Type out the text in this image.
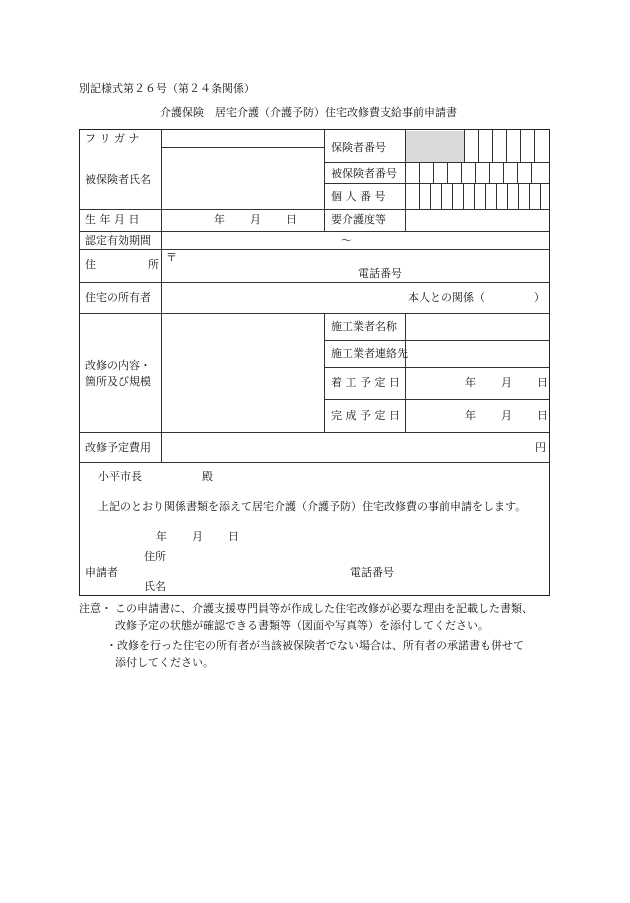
別記様式第２６号（第２４条関係）
介護保険　居宅介護（介護予防）住宅改修費支給事前申請書
フ リ ガ ナ
被保険者氏名
保険者番号
被保険者番号
個 人 番 号
生 年 月 日	年 月 日	要介護度等
認定有効期間	〜
住	所
〒
電話番号
住宅の所有者	本人との関係（	）
改修の内容・
箇所及び規模
施工業者名称
施工業者連絡先
着 工 予 定 日	年 月 日
完 成 予 定 日	年 月 日
改修予定費用	円
小平市長	殿
上記のとおり関係書類を添えて居宅介護（介護予防）住宅改修費の事前申請をします。
年 月 日
住所
申請者	電話番号
氏名
注意・ この申請書に、介護支援専門員等が作成した住宅改修が必要な理由を記載した書類、
改修予定の状態が確認できる書類等（図面や写真等）を添付してください。
・改修を行った住宅の所有者が当該被保険者でない場合は、所有者の承諾書も併せて
添付してください。
